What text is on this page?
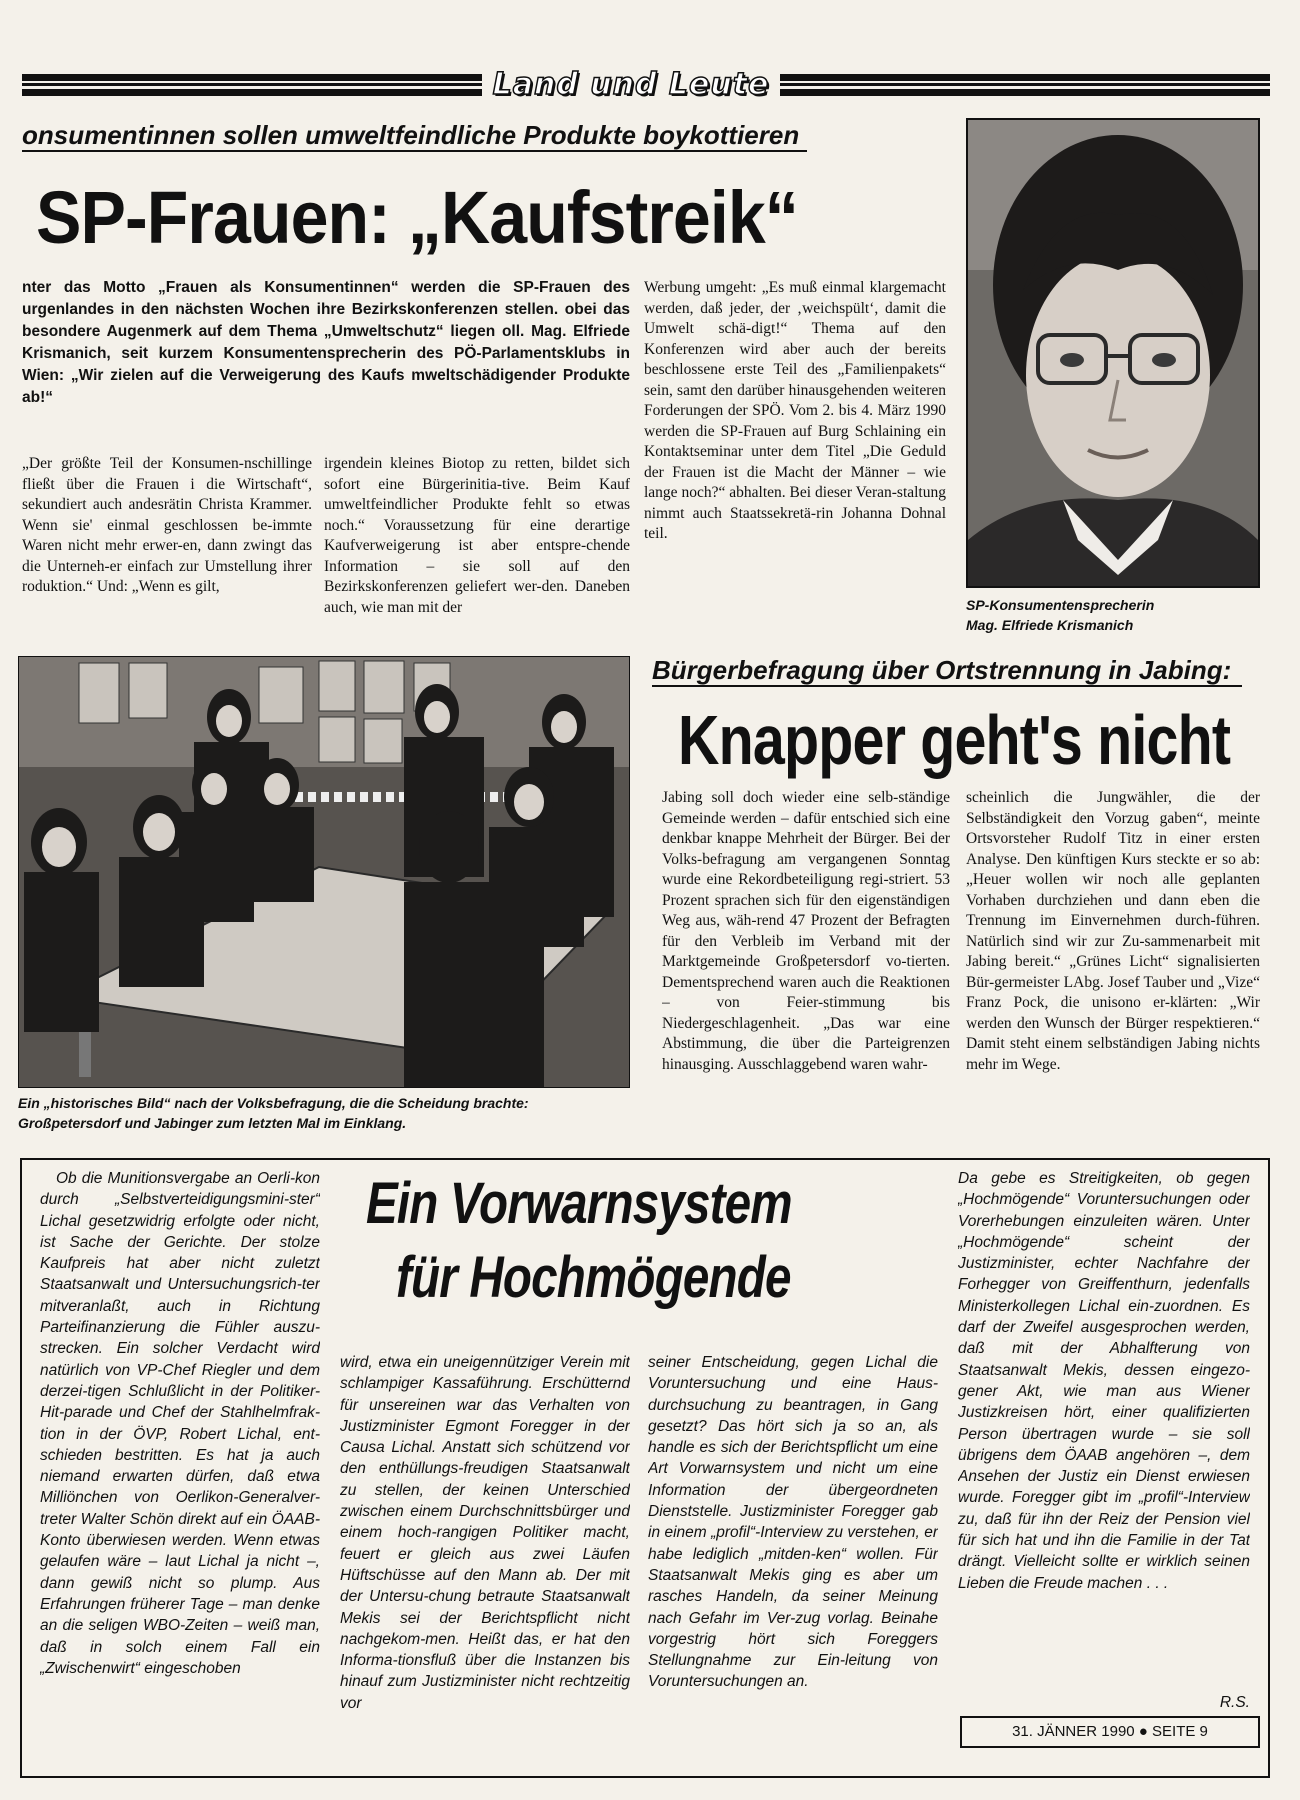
Land und Leute
onsumentinnen sollen umweltfeindliche Produkte boykottieren
SP-Frauen: „Kaufstreik“
nter das Motto „Frauen als Konsumentinnen“ werden die SP-Frauen des urgenlandes in den nächsten Wochen ihre Bezirkskonferenzen stellen. obei das besondere Augenmerk auf dem Thema „Umweltschutz“ liegen oll. Mag. Elfriede Krismanich, seit kurzem Konsumentensprecherin des PÖ-Parlamentsklubs in Wien: „Wir zielen auf die Verweigerung des Kaufs mweltschädigender Produkte ab!“
„Der größte Teil der Konsumen-nschillinge fließt über die Frauen i die Wirtschaft“, sekundiert auch andesrätin Christa Krammer. Wenn sie' einmal geschlossen be-immte Waren nicht mehr erwer-en, dann zwingt das die Unterneh-er einfach zur Umstellung ihrer roduktion.“ Und: „Wenn es gilt,
irgendein kleines Biotop zu retten, bildet sich sofort eine Bürgerinitia-tive. Beim Kauf umweltfeindlicher Produkte fehlt so etwas noch.“ Voraussetzung für eine derartige Kaufverweigerung ist aber entspre-chende Information – sie soll auf den Bezirkskonferenzen geliefert wer-den. Daneben auch, wie man mit der
Werbung umgeht: „Es muß einmal klargemacht werden, daß jeder, der ‚weichspült‘, damit die Umwelt schä-digt!“ Thema auf den Konferenzen wird aber auch der bereits beschlossene erste Teil des „Familienpakets“ sein, samt den darüber hinausgehenden weiteren Forderungen der SPÖ. Vom 2. bis 4. März 1990 werden die SP-Frauen auf Burg Schlaining ein Kontaktseminar unter dem Titel „Die Geduld der Frauen ist die Macht der Männer – wie lange noch?“ abhalten. Bei dieser Veran-staltung nimmt auch Staatssekretä-rin Johanna Dohnal teil.
SP-Konsumentensprecherin
Mag. Elfriede Krismanich
Ein „historisches Bild“ nach der Volksbefragung, die die Scheidung brachte:
Großpetersdorf und Jabinger zum letzten Mal im Einklang.
Bürgerbefragung über Ortstrennung in Jabing:
Knapper geht's nicht
Jabing soll doch wieder eine selb-ständige Gemeinde werden – dafür entschied sich eine denkbar knappe Mehrheit der Bürger. Bei der Volks-befragung am vergangenen Sonntag wurde eine Rekordbeteiligung regi-striert. 53 Prozent sprachen sich für den eigenständigen Weg aus, wäh-rend 47 Prozent der Befragten für den Verbleib im Verband mit der Marktgemeinde Großpetersdorf vo-tierten. Dementsprechend waren auch die Reaktionen – von Feier-stimmung bis Niedergeschlagenheit. „Das war eine Abstimmung, die über die Parteigrenzen hinausging. Ausschlaggebend waren wahr-
scheinlich die Jungwähler, die der Selbständigkeit den Vorzug gaben“, meinte Ortsvorsteher Rudolf Titz in einer ersten Analyse. Den künftigen Kurs steckte er so ab: „Heuer wollen wir noch alle geplanten Vorhaben durchziehen und dann eben die Trennung im Einvernehmen durch-führen. Natürlich sind wir zur Zu-sammenarbeit mit Jabing bereit.“ „Grünes Licht“ signalisierten Bür-germeister LAbg. Josef Tauber und „Vize“ Franz Pock, die unisono er-klärten: „Wir werden den Wunsch der Bürger respektieren.“ Damit steht einem selbständigen Jabing nichts mehr im Wege.
Ein Vorwarnsystem
für Hochmögende
Ob die Munitionsvergabe an Oerli-kon durch „Selbstverteidigungsmini-ster“ Lichal gesetzwidrig erfolgte oder nicht, ist Sache der Gerichte. Der stolze Kaufpreis hat aber nicht zuletzt Staatsanwalt und Untersuchungsrich-ter mitveranlaßt, auch in Richtung Parteifinanzierung die Fühler auszu-strecken. Ein solcher Verdacht wird natürlich von VP-Chef Riegler und dem derzei-tigen Schlußlicht in der Politiker-Hit-parade und Chef der Stahlhelmfrak-tion in der ÖVP, Robert Lichal, ent-schieden bestritten. Es hat ja auch niemand erwarten dürfen, daß etwa Milliönchen von Oerlikon-Generalver-treter Walter Schön direkt auf ein ÖAAB-Konto überwiesen werden. Wenn etwas gelaufen wäre – laut Lichal ja nicht –, dann gewiß nicht so plump. Aus Erfahrungen früherer Tage – man denke an die seligen WBO-Zeiten – weiß man, daß in solch einem Fall ein „Zwischenwirt“ eingeschoben
wird, etwa ein uneigennütziger Verein mit schlampiger Kassaführung. Erschütternd für unsereinen war das Verhalten von Justizminister Egmont Foregger in der Causa Lichal. Anstatt sich schützend vor den enthüllungs-freudigen Staatsanwalt zu stellen, der keinen Unterschied zwischen einem Durchschnittsbürger und einem hoch-rangigen Politiker macht, feuert er gleich aus zwei Läufen Hüftschüsse auf den Mann ab. Der mit der Untersu-chung betraute Staatsanwalt Mekis sei der Berichtspflicht nicht nachgekom-men. Heißt das, er hat den Informa-tionsfluß über die Instanzen bis hinauf zum Justizminister nicht rechtzeitig vor
seiner Entscheidung, gegen Lichal die Voruntersuchung und eine Haus-durchsuchung zu beantragen, in Gang gesetzt? Das hört sich ja so an, als handle es sich der Berichtspflicht um eine Art Vorwarnsystem und nicht um eine Information der übergeordneten Dienststelle. Justizminister Foregger gab in einem „profil“-Interview zu verstehen, er habe lediglich „mitden-ken“ wollen. Für Staatsanwalt Mekis ging es aber um rasches Handeln, da seiner Meinung nach Gefahr im Ver-zug vorlag. Beinahe vorgestrig hört sich Foreggers Stellungnahme zur Ein-leitung von Voruntersuchungen an.
Da gebe es Streitigkeiten, ob gegen „Hochmögende“ Voruntersuchungen oder Vorerhebungen einzuleiten wären. Unter „Hochmögende“ scheint der Justizminister, echter Nachfahre der Forhegger von Greiffenthurn, jedenfalls Ministerkollegen Lichal ein-zuordnen. Es darf der Zweifel ausgesprochen werden, daß mit der Abhalfterung von Staatsanwalt Mekis, dessen eingezo-gener Akt, wie man aus Wiener Justizkreisen hört, einer qualifizierten Person übertragen wurde – sie soll übrigens dem ÖAAB angehören –, dem Ansehen der Justiz ein Dienst erwiesen wurde. Foregger gibt im „profil“-Interview zu, daß für ihn der Reiz der Pension viel für sich hat und ihn die Familie in der Tat drängt. Vielleicht sollte er wirklich seinen Lieben die Freude machen . . .
R.S.
31. JÄNNER 1990 ● SEITE 9
